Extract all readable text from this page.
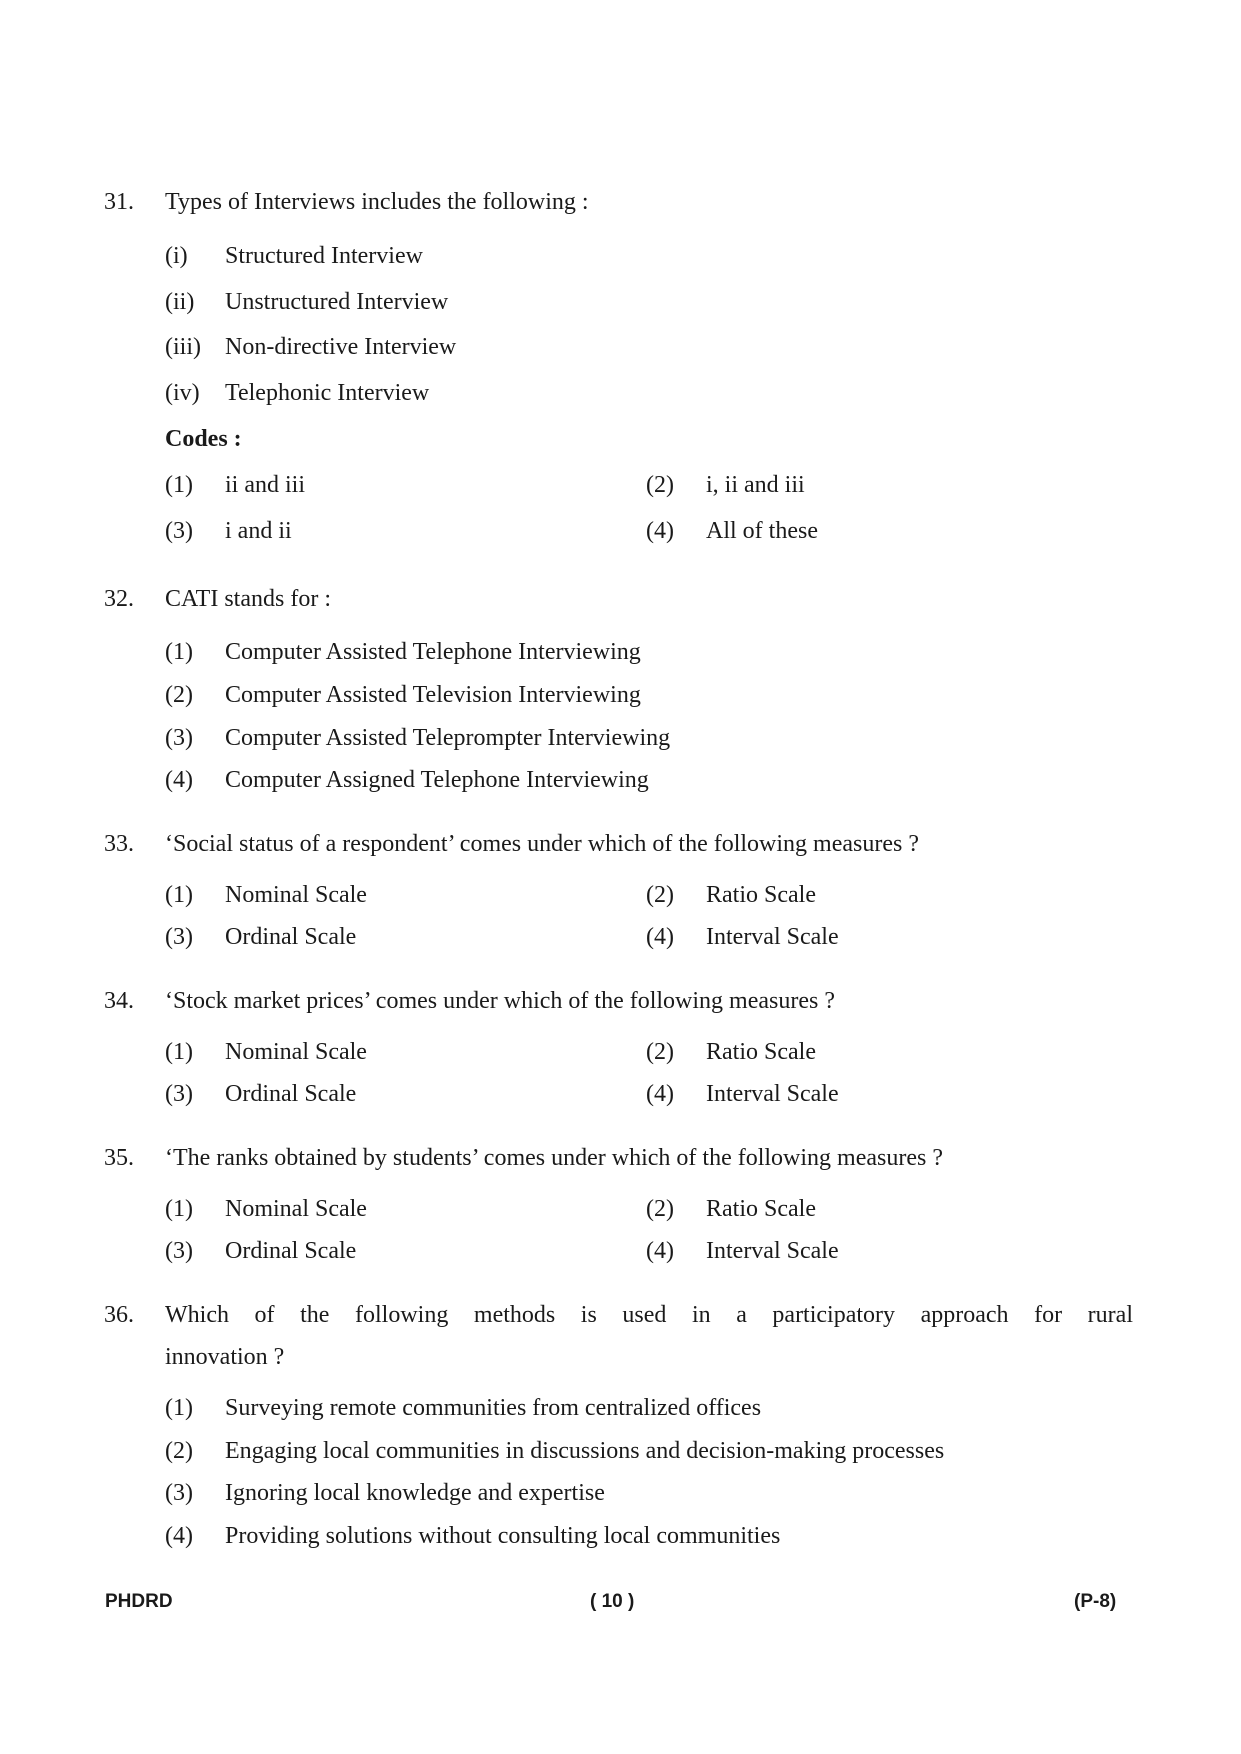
31. Types of Interviews includes the following :
(i) Structured Interview
(ii) Unstructured Interview
(iii) Non-directive Interview
(iv) Telephonic Interview
Codes :
(1) ii and iii	(2) i, ii and iii
(3) i and ii	(4) All of these
32. CATI stands for :
(1) Computer Assisted Telephone Interviewing
(2) Computer Assisted Television Interviewing
(3) Computer Assisted Teleprompter Interviewing
(4) Computer Assigned Telephone Interviewing
33. ‘Social status of a respondent’ comes under which of the following measures ?
(1) Nominal Scale	(2) Ratio Scale
(3) Ordinal Scale	(4) Interval Scale
34. ‘Stock market prices’ comes under which of the following measures ?
(1) Nominal Scale	(2) Ratio Scale
(3) Ordinal Scale	(4) Interval Scale
35. ‘The ranks obtained by students’ comes under which of the following measures ?
(1) Nominal Scale	(2) Ratio Scale
(3) Ordinal Scale	(4) Interval Scale
36. Which of the following methods is used in a participatory approach for rural
innovation ?
(1) Surveying remote communities from centralized offices
(2) Engaging local communities in discussions and decision-making processes
(3) Ignoring local knowledge and expertise
(4) Providing solutions without consulting local communities
PHDRD	( 10 )	(P-8)
